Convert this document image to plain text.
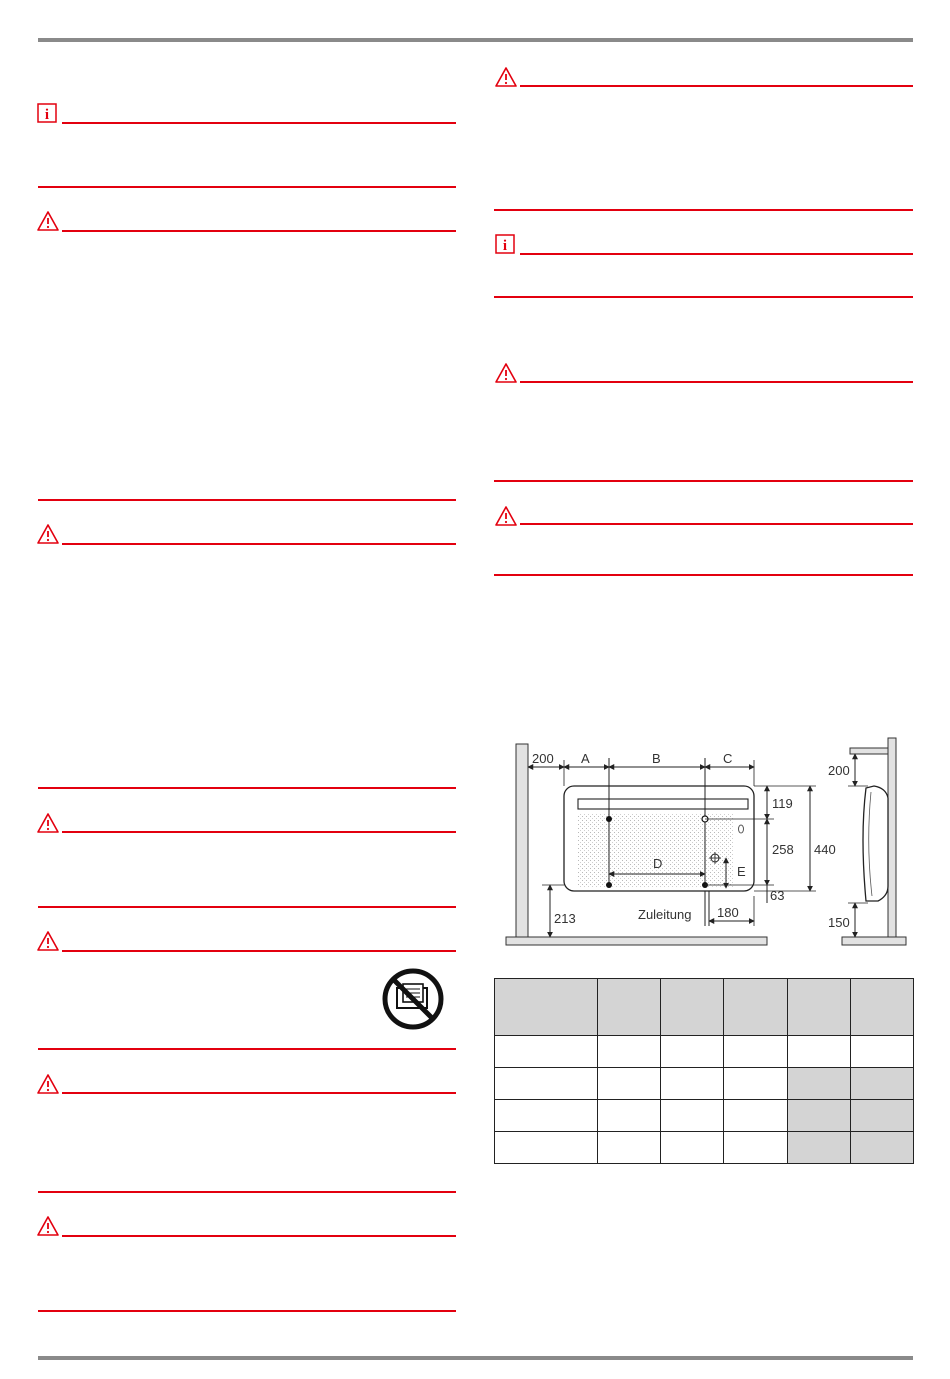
i
i
200 A	B	C
119
258 440
63
D
E
213	Zuleitung 180
200
150
